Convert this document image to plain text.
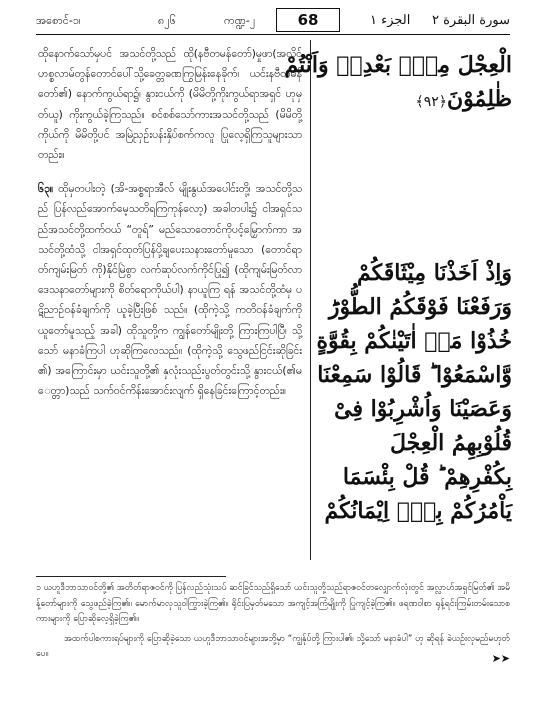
အစောင်-၁၊	၈၂၆	ကဏ္ဍ-၂	68	الجزء ١ سورة البقرة ٢

ထိုနောက်သော်မှပင် အသင်တို့သည် ထို(နဗီတမန်တော်)မှုဖာ(အလိုင်ဟစ္စလာမ်တွန်တောင်ပေါ်သို့ခေတ္တခဏကြွမြန်းနေခိုက်၊ ယင်းနဗီတမန်တော်၏) နောက်ကွယ်ရာ၌၊ နွားငယ်ကို (မိမိတို့ကိုးကွယ်ရာအရှင် ဟုမှတ်ယူ) ကိုးကွယ်ခဲ့ကြသည်။ စင်စစ်သော်ကားအသင်တို့သည် (မိမိတို့ကိုယ်ကို မိမိတို့ပင် အမြဲညှဉ်းပန်းနှိပ်စက်ကလူ ပြုလေ့ရှိကြသူများသာတည်း။

၆၃။ ထိုမှတပါးတဲ့ (အိ-အစ္စရာအီလ် မျိုးနွယ်အပေါင်းတို့၊ အသင်တို့သည် ပြန်လည်အောက်မေ့သတိရကြကုန်လော့) အခါတပါး၌ ငါအရှင်သည်အသင်တို့ထက်ဝယ် “တူရ်” မည်သောတောင်ကိုပင့်မြှောက်ကာ အသင်တို့ထံသို့ ငါအရှင်ထုတ်ပြန်ပို့ချပေးသနားတော်မူသော (တောင်ရာတ်ကျမ်းမြတ် ကို)နိုင်မြဲစွာ လက်ဆုပ်လက်ကိုင်ပြု၍ (ထိုကျမ်းမြတ်လာဒေသနာတော်များကို စိတ်ရောကိုယ်ပါ) နာယူကြ ရန် အသင်တို့ထံမှ ပဋိညာဉ်ဝန်ခံချက်ကို ယူခဲ့ပြီးဖြစ် သည်။ (ထိုကဲ့သို့ ကတိဝန်ခံချက်ကို ယူတော်မူသည့် အခါ) ထိုသူတို့က ကျွန်တော်မျိုးတို့ ကြားကြပါပြီ၊ သို့သော် မနာခံကြပါ ဟုဆိုကြလေသည်။ (ထိုကဲ့သို့ သွေဖည်ငြင်းဆိုခြင်း၏) အကြောင်းမှာ ယင်းသူတို့၏ နှလုံးသည်းပွတ်တွင်းသို့ နွားငယ်(၏မေတ္တာ)သည် သက်ဝင်ကိန်းအောင်းလျက် ရှိနေခြင်းကြောင့်တည်း။

الْعِجْلَ مِنْۢ بَعْدِهٖ وَاَنْتُمْ
ظٰلِمُوْنَ﴿٩٢﴾
وَاِذْ اَخَذْنَا مِيْثَاقَكُمْ
وَرَفَعْنَا فَوْقَكُمُ الطُّوْرَؕ
خُذُوْا مَاۤ اٰتَيْنٰكُمْ بِقُوَّةٍ
وَّاسْمَعُوْا ؕ قَالُوْا سَمِعْنَا
وَعَصَيْنَا وَاُشْرِبُوْا فِىْ
قُلُوْبِهِمُ الْعِجْلَ
بِكُفْرِهِمْ ؕ قُلْ بِئْسَمَا
يَاْمُرُكُمْ بِهٖۤ اِيْمَانُكُمْ

၁ ယဟူဒီဘာသာဝင်တို့၏ အတိတ်ရာဇဝင်ကို ပြန်လည်သုံးသပ် ဆင်ခြင်သည်ရှိသော် ယင်းသူတို့သည်ရာဇဝင်တလျှောက်လုံးတွင် အလ္လာဟ်အရှင်မြတ်၏ အမိန့်တော်များကို သွေဖည်ခဲ့ကြ၏။ မောက်မာလှသူဝါကြွားခဲ့ကြ၏။ ရိုင်းပြမှတ်မသော အကျင့်အကြံမျိုးကို ပြုကျင့်ခဲ့ကြ၏။ ဖရဏဝါစာ ရုန့်ရင်းကြမ်းတမ်းသောစကားများကို ပြောဆိုလေ့ရှိခဲ့ကြ၏။

အထက်ပါစကားရပ်များကို ပြောဆိုခဲ့သော ယဟူဒီဘာသာဝင်များအဘို့မှာ “ကျွန်ုပ်တို့ ကြားပါ၏၊ သို့သော် မနာခံပါ” ဟု ဆိုရန် ခဲယဉ်းလှမည်မဟုတ်ပေ။	➤➤
